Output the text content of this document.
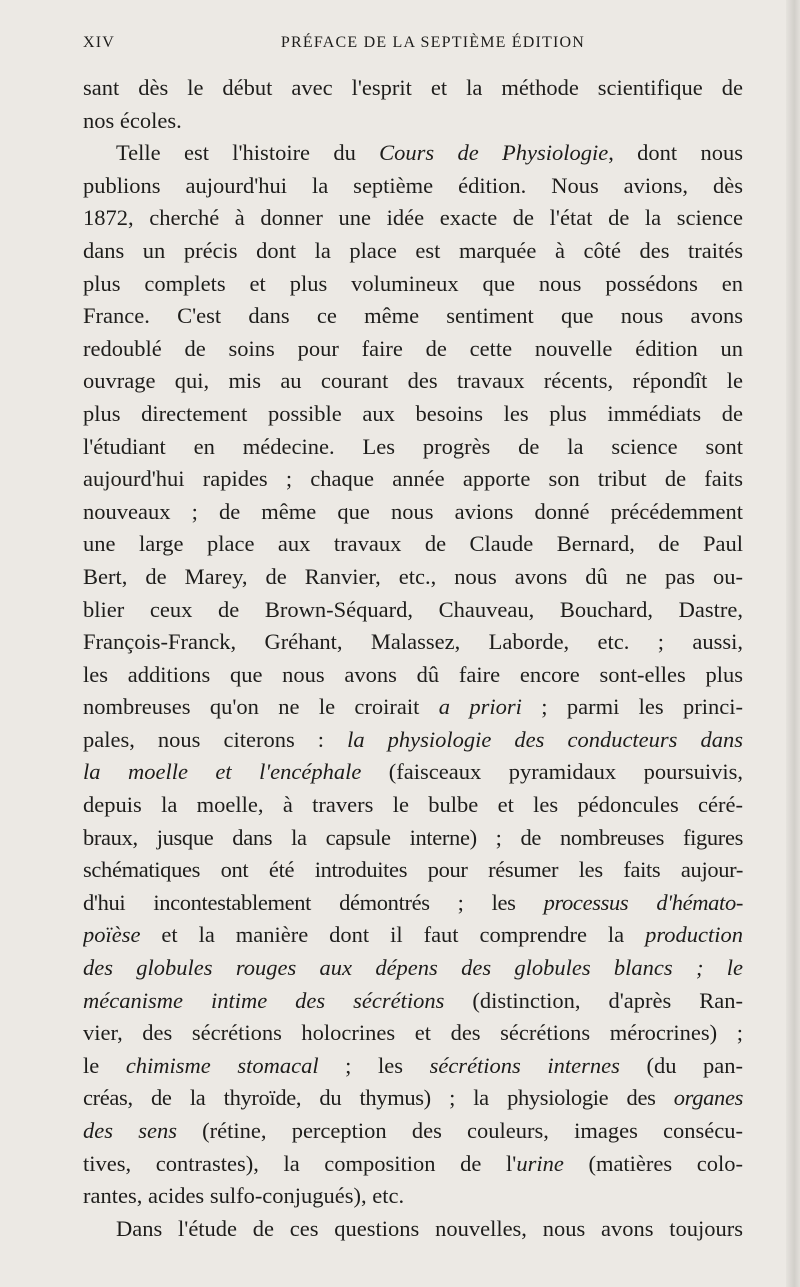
XIV	PRÉFACE DE LA SEPTIÈME ÉDITION
sant dès le début avec l'esprit et la méthode scientifique de
nos écoles.
Telle est l'histoire du Cours de Physiologie, dont nous
publions aujourd'hui la septième édition. Nous avions, dès
1872, cherché à donner une idée exacte de l'état de la science
dans un précis dont la place est marquée à côté des traités
plus complets et plus volumineux que nous possédons en
France. C'est dans ce même sentiment que nous avons
redoublé de soins pour faire de cette nouvelle édition un
ouvrage qui, mis au courant des travaux récents, répondît le
plus directement possible aux besoins les plus immédiats de
l'étudiant en médecine. Les progrès de la science sont
aujourd'hui rapides ; chaque année apporte son tribut de faits
nouveaux ; de même que nous avions donné précédemment
une large place aux travaux de Claude Bernard, de Paul
Bert, de Marey, de Ranvier, etc., nous avons dû ne pas ou-
blier ceux de Brown-Séquard, Chauveau, Bouchard, Dastre,
François-Franck, Gréhant, Malassez, Laborde, etc. ; aussi,
les additions que nous avons dû faire encore sont-elles plus
nombreuses qu'on ne le croirait a priori ; parmi les princi-
pales, nous citerons : la physiologie des conducteurs dans
la moelle et l'encéphale (faisceaux pyramidaux poursuivis,
depuis la moelle, à travers le bulbe et les pédoncules céré-
braux, jusque dans la capsule interne) ; de nombreuses figures
schématiques ont été introduites pour résumer les faits aujour-
d'hui incontestablement démontrés ; les processus d'hémato-
poïèse et la manière dont il faut comprendre la production
des globules rouges aux dépens des globules blancs ; le
mécanisme intime des sécrétions (distinction, d'après Ran-
vier, des sécrétions holocrines et des sécrétions mérocrines) ;
le chimisme stomacal ; les sécrétions internes (du pan-
créas, de la thyroïde, du thymus) ; la physiologie des organes
des sens (rétine, perception des couleurs, images consécu-
tives, contrastes), la composition de l'urine (matières colo-
rantes, acides sulfo-conjugués), etc.
Dans l'étude de ces questions nouvelles, nous avons toujours
